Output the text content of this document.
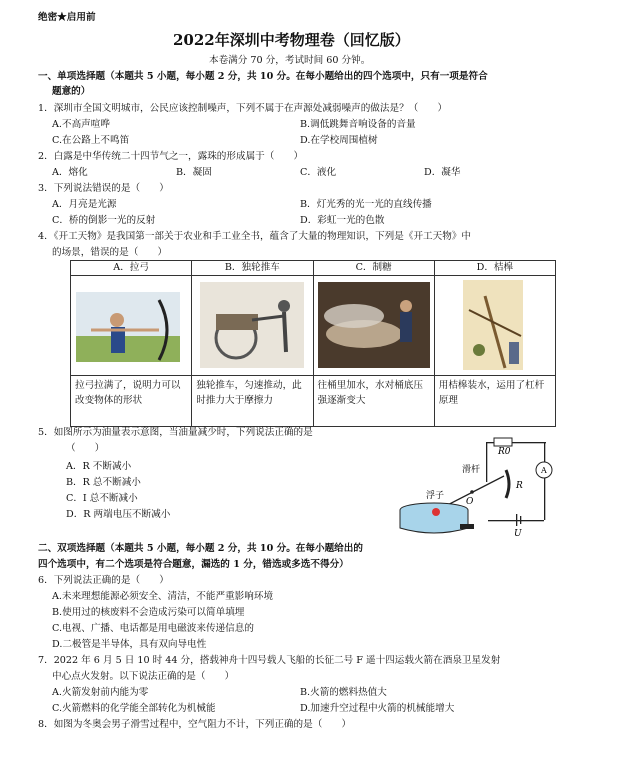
绝密★启用前
2022年深圳中考物理卷（回忆版）
本卷满分 70 分，考试时间 60 分钟。
一、单项选择题（本题共 5 小题，每小题 2 分，共 10 分。在每小题给出的四个选项中，只有一项是符合
题意的）
1．深圳市全国文明城市，公民应该控制噪声，下列不属于在声源处减弱噪声的做法是？（　　）
A.不高声喧哗	B.调低跳舞音响设备的音量
C.在公路上不鸣笛	D.在学校周围植树
2．白露是中华传统二十四节气之一，露珠的形成属于（　　）
A．熔化	B．凝固	C．液化	D．凝华
3．下列说法错误的是（　　）
A．月亮是光源	B．灯光秀的光一光的直线传播
C．桥的倒影一光的反射	D．彩虹一光的色散
4．《开工天物》是我国第一部关于农业和手工业全书，蕴含了大量的物理知识，下列是《开工天物》中
的场景，错误的是（　　）
A．拉弓	B．独轮推车	C．制糖	D．桔槔

拉弓拉满了，说明力可以改变物体的形状	独轮推车，匀速推动，此时推力大于摩擦力	往桶里加水，水对桶底压强逐渐变大	用桔槔装水，运用了杠杆原理
5．如图所示为油量表示意图，当油量减少时，下列说法正确的是
（　　）
A．R 不断减小
B．R 总不断减小
C．I 总不断减小
D．R 两端电压不断减小
R0
A
R
滑杆
O
浮子
U
二、双项选择题（本题共 5 小题，每小题 2 分，共 10 分。在每小题给出的
四个选项中，有二个选项是符合题意，漏选的 1 分，错选或多选不得分）
6．下列说法正确的是（　　）
A.未来理想能源必须安全、清洁，不能严重影响环境
B.使用过的核废料不会造成污染可以简单填埋
C.电视、广播、电话都是用电磁波来传递信息的
D.二极管是半导体，具有双向导电性
7．2022 年 6 月 5 日 10 时 44 分，搭载神舟十四号载人飞船的长征二号 F 遥十四运载火箭在酒泉卫星发射
中心点火发射。以下说法正确的是（　　）
A.火箭发射前内能为零	B.火箭的燃料热值大
C.火箭燃料的化学能全部转化为机械能	D.加速升空过程中火箭的机械能增大
8．如图为冬奥会男子滑雪过程中，空气阻力不计，下列正确的是（　　）
